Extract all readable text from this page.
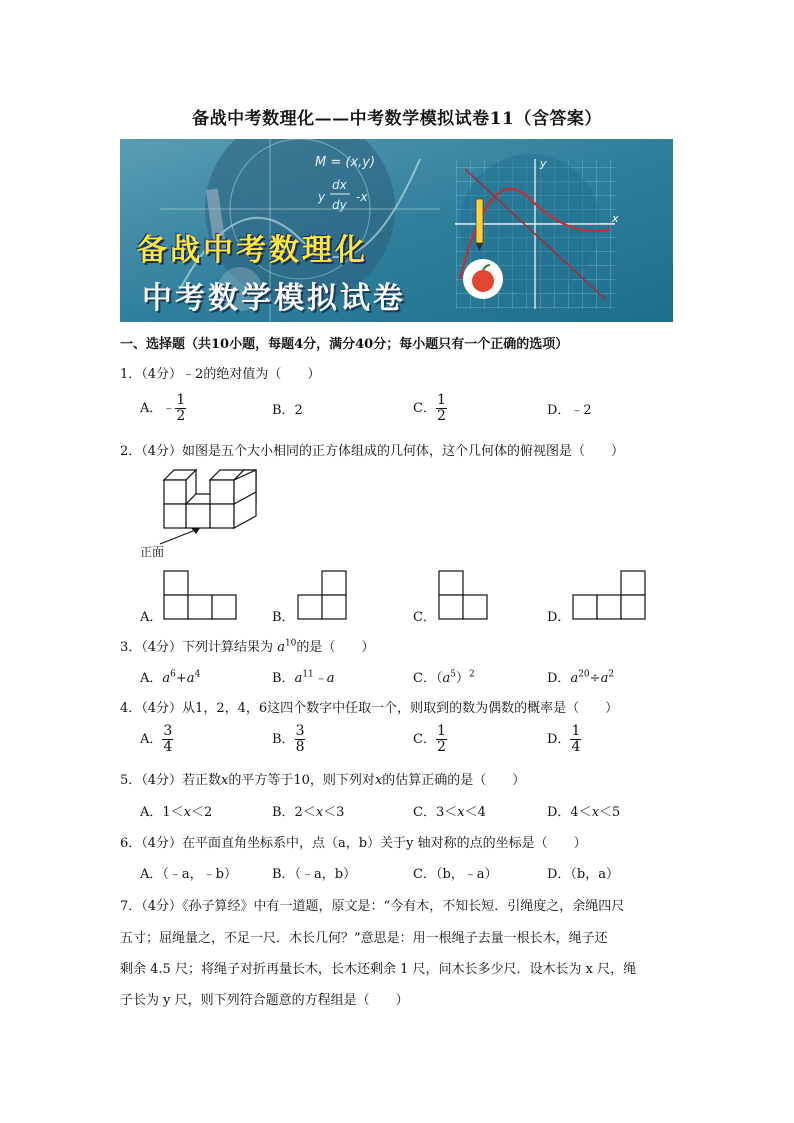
备战中考数理化——中考数学模拟试卷11（含答案）
M = (x,y)
dx
dy
y	-x
y
x
备战中考数理化
中考数学模拟试卷
一、选择题（共10小题，每题4分，满分40分；每小题只有一个正确的选项）
1．（4分）﹣2的绝对值为（　　）
A．﹣ $\frac{1}{2}$	B．2	C． $\frac{1}{2}$	D．﹣2
2．（4分）如图是五个大小相同的正方体组成的几何体，这个几何体的俯视图是（　　）
正面
A．	B．	C．	D．
3．（4分）下列计算结果为 $a^{10}$的是（　　）
A．$a^6+a^4$	B．$a^{11}﹣a$	C．$(a^5)^2$	D．$a^{20}\div a^2$
4．（4分）从1，2，4，6这四个数字中任取一个，则取到的数为偶数的概率是（　　）
A． $\frac{3}{4}$	B． $\frac{3}{8}$	C． $\frac{1}{2}$	D． $\frac{1}{4}$
5．（4分）若正数x的平方等于10，则下列对x的估算正确的是（　　）
A．1＜x＜2	B．2＜x＜3	C．3＜x＜4	D．4＜x＜5
6．（4分）在平面直角坐标系中，点（a，b）关于y 轴对称的点的坐标是（　　）
A．（﹣a，﹣b）	B．（﹣a，b）	C．（b，﹣a）	D．（b，a）
7．（4分）《孙子算经》中有一道题，原文是：“今有木，不知长短．引绳度之，余绳四尺
五寸；屈绳量之，不足一尺．木长几何？”意思是：用一根绳子去量一根长木，绳子还
剩余 4.5 尺；将绳子对折再量长木，长木还剩余 1 尺，问木长多少尺．设木长为 x 尺，绳
子长为 y 尺，则下列符合题意的方程组是（　　）
